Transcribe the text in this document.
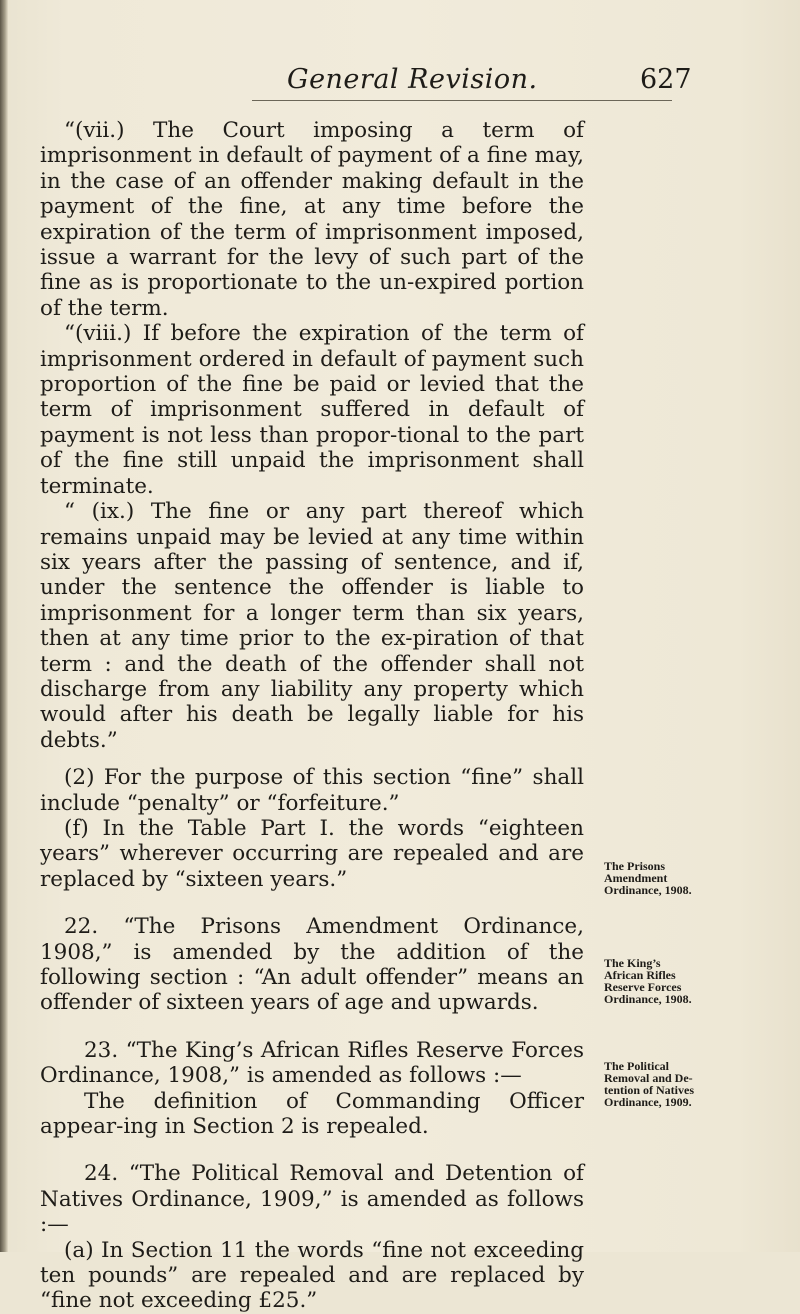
General Revision.	627

“(vii.) The Court imposing a term of imprisonment in default of payment of a fine may, in the case of an offender making default in the payment of the fine, at any time before the expiration of the term of imprisonment imposed, issue a warrant for the levy of such part of the fine as is proportionate to the un-expired portion of the term.

“(viii.) If before the expiration of the term of imprisonment ordered in default of payment such proportion of the fine be paid or levied that the term of imprisonment suffered in default of payment is not less than propor-tional to the part of the fine still unpaid the imprisonment shall terminate.

“ (ix.) The fine or any part thereof which remains unpaid may be levied at any time within six years after the passing of sentence, and if, under the sentence the offender is liable to imprisonment for a longer term than six years, then at any time prior to the ex-piration of that term : and the death of the offender shall not discharge from any liability any property which would after his death be legally liable for his debts.”

(2) For the purpose of this section “fine” shall include “penalty” or “forfeiture.”

(f) In the Table Part I. the words “eighteen years” wherever occurring are repealed and are replaced by “sixteen years.”

22. “The Prisons Amendment Ordinance, 1908,” is amended by the addition of the following section : “An adult offender” means an offender of sixteen years of age and upwards.

23. “The King’s African Rifles Reserve Forces Ordinance, 1908,” is amended as follows :—

The definition of Commanding Officer appear-ing in Section 2 is repealed.

24. “The Political Removal and Detention of Natives Ordinance, 1909,” is amended as follows :—

(a) In Section 11 the words “fine not exceeding ten pounds” are repealed and are replaced by “fine not exceeding £25.”

The Prisons
Amendment
Ordinance, 1908.
The King’s
African Rifles
Reserve Forces
Ordinance, 1908.
The Political
Removal and De-
tention of Natives
Ordinance, 1909.
